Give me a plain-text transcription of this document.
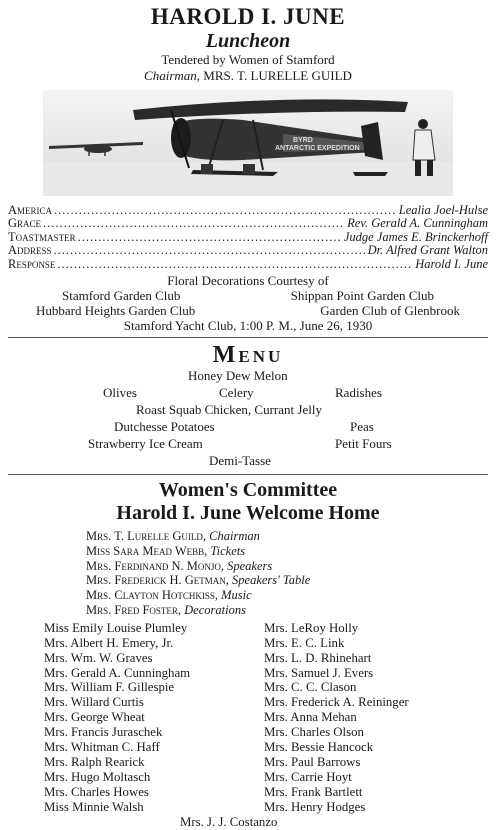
HAROLD I. JUNE
Luncheon
Tendered by Women of Stamford
Chairman, MRS. T. LURELLE GUILD
BYRD
ANTARCTIC EXPEDITION
America .....	Lealia Joel-Hulse
Grace .....	Rev. Gerald A. Cunningham
Toastmaster .....	Judge James E. Brinckerhoff
Address .....	Dr. Alfred Grant Walton
Response .....	Harold I. June
Floral Decorations Courtesy of
Stamford Garden Club	Shippan Point Garden Club
Hubbard Heights Garden Club	Garden Club of Glenbrook
Stamford Yacht Club, 1:00 P. M., June 26, 1930
Menu
Honey Dew Melon
Olives	Celery	Radishes
Roast Squab Chicken, Currant Jelly
Dutchesse Potatoes	Peas
Strawberry Ice Cream	Petit Fours
Demi-Tasse
Women's Committee
Harold I. June Welcome Home
Mrs. T. Lurelle Guild, Chairman
Miss Sara Mead Webb, Tickets
Mrs. Ferdinand N. Monjo, Speakers
Mrs. Frederick H. Getman, Speakers' Table
Mrs. Clayton Hotchkiss, Music
Mrs. Fred Foster, Decorations
Miss Emily Louise Plumley
Mrs. Albert H. Emery, Jr.
Mrs. Wm. W. Graves
Mrs. Gerald A. Cunningham
Mrs. William F. Gillespie
Mrs. Willard Curtis
Mrs. George Wheat
Mrs. Francis Juraschek
Mrs. Whitman C. Haff
Mrs. Ralph Rearick
Mrs. Hugo Moltasch
Mrs. Charles Howes
Miss Minnie Walsh
Mrs. LeRoy Holly
Mrs. E. C. Link
Mrs. L. D. Rhinehart
Mrs. Samuel J. Evers
Mrs. C. C. Clason
Mrs. Frederick A. Reininger
Mrs. Anna Mehan
Mrs. Charles Olson
Mrs. Bessie Hancock
Mrs. Paul Barrows
Mrs. Carrie Hoyt
Mrs. Frank Bartlett
Mrs. Henry Hodges
Mrs. J. J. Costanzo
